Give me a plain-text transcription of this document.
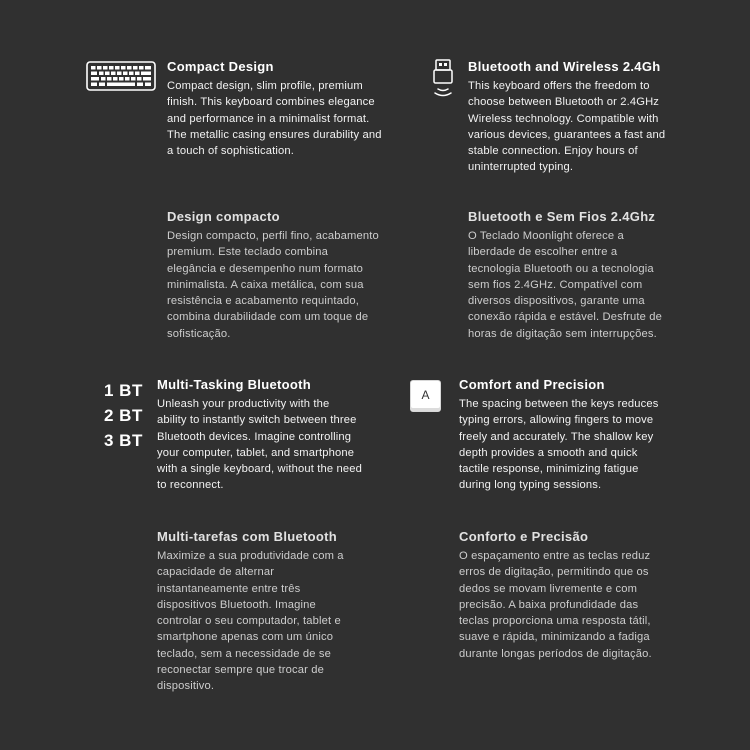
Compact Design

Compact design, slim profile, premium finish. This keyboard combines elegance and performance in a minimalist format. The metallic casing ensures durability and a touch of sophistication.

Design compacto

Design compacto, perfil fino, acabamento premium. Este teclado combina elegância e desempenho num formato minimalista. A caixa metálica, com sua resistência e acabamento requintado, combina durabilidade com um toque de sofisticação.

Bluetooth and Wireless 2.4Gh

This keyboard offers the freedom to choose between Bluetooth or 2.4GHz Wireless technology. Compatible with various devices, guarantees a fast and stable connection. Enjoy hours of uninterrupted typing.

Bluetooth e Sem Fios 2.4Ghz

O Teclado Moonlight oferece a liberdade de escolher entre a tecnologia Bluetooth ou a tecnologia sem fios 2.4GHz. Compatível com diversos dispositivos, garante uma conexão rápida e estável. Desfrute de horas de digitação sem interrupções.

1 BT
2 BT
3 BT
Multi-Tasking Bluetooth

Unleash your productivity with the ability to instantly switch between three Bluetooth devices. Imagine controlling your computer, tablet, and smartphone with a single keyboard, without the need to reconnect.

Multi-tarefas com Bluetooth

Maximize a sua produtividade com a capacidade de alternar instantaneamente entre três dispositivos Bluetooth. Imagine controlar o seu computador, tablet e smartphone apenas com um único teclado, sem a necessidade de se reconectar sempre que trocar de dispositivo.

A
Comfort and Precision

The spacing between the keys reduces typing errors, allowing fingers to move freely and accurately. The shallow key depth provides a smooth and quick tactile response, minimizing fatigue during long typing sessions.

Conforto e Precisão

O espaçamento entre as teclas reduz erros de digitação, permitindo que os dedos se movam livremente e com precisão. A baixa profundidade das teclas proporciona uma resposta tátil, suave e rápida, minimizando a fadiga durante longas períodos de digitação.
